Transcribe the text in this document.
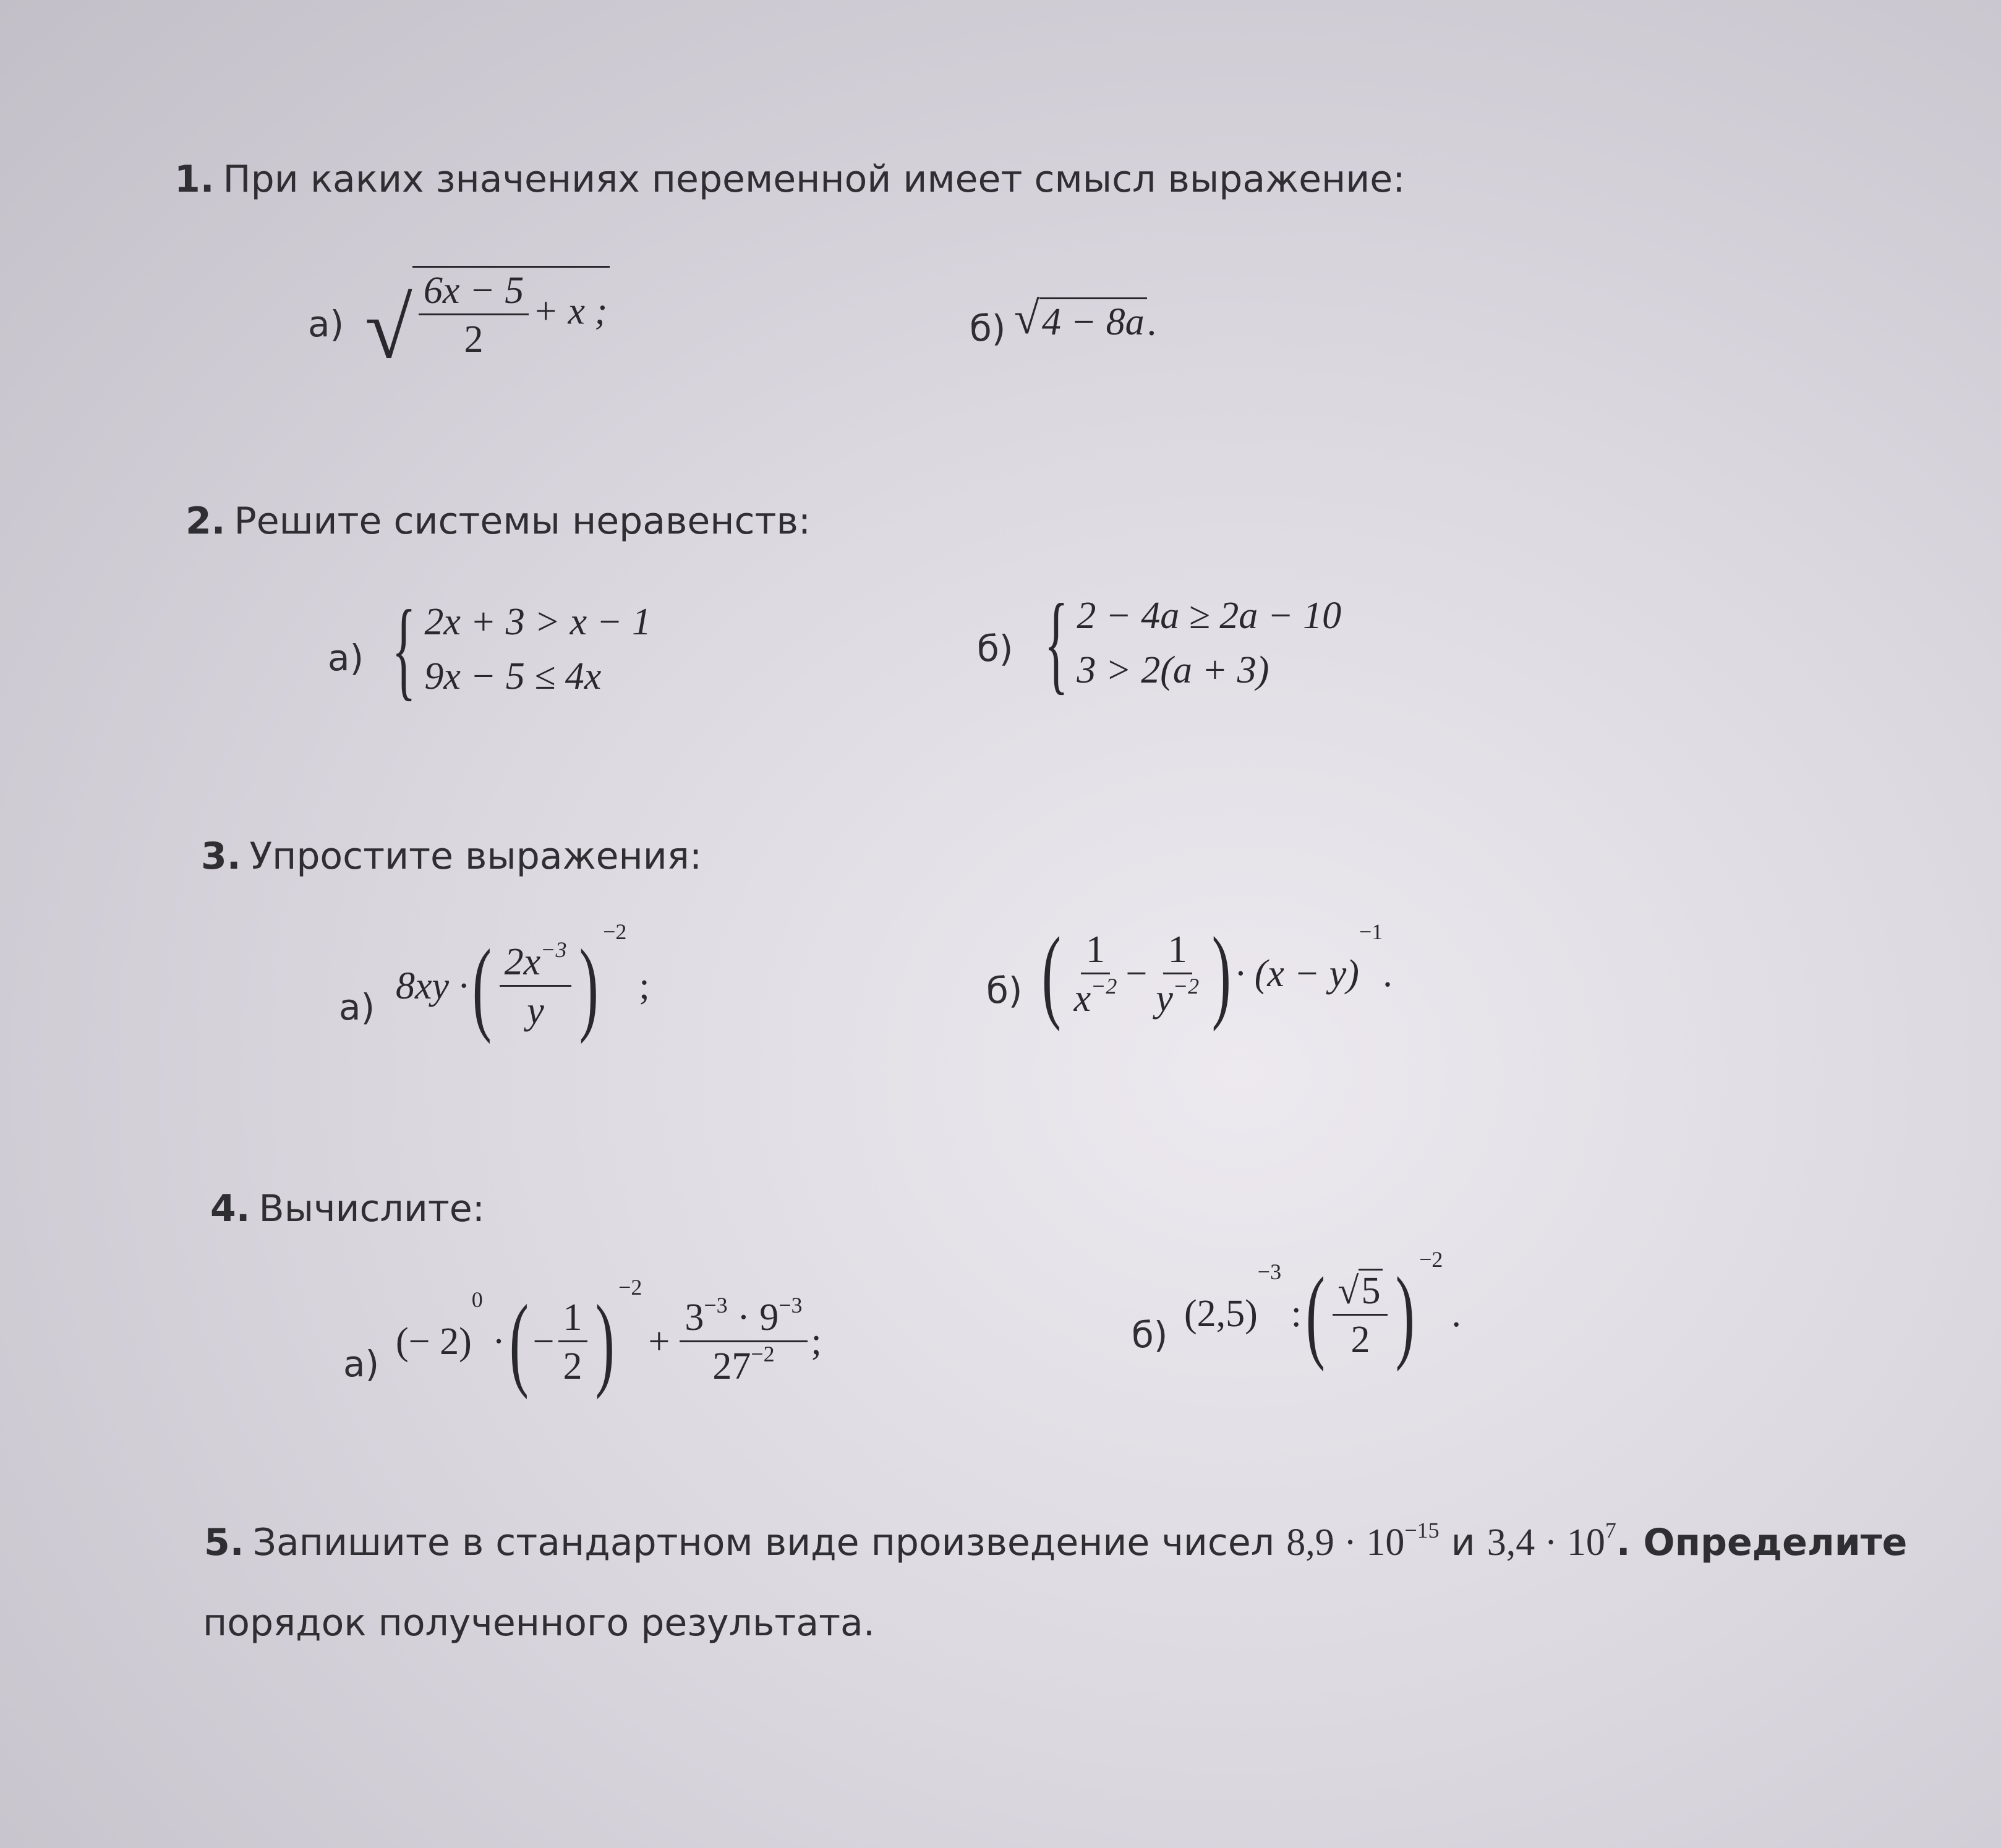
1. При каких значениях переменной имеет смысл выражение:
а) √ $\frac{6x - 5}{2} + x$ ;	б) √4 − 8a.
2. Решите системы неравенств:
а) { 2x + 3 > x − 1
9x − 5 ≤ 4x
б) { 2 − 4a ≥ 2a − 10
3 > 2(a + 3)
3. Упростите выражения:
а) 8xy ·( $\frac{2x^{-3}}{y}$ ) $^{-2}$;	б) ( $\frac{1}{x^{-2}} - \frac{1}{y^{-2}}$ ) · $(x - y)^{-1}$.
4. Вычислите:
а)
(− 2)$^0$ ·( − $\frac{1}{2}$ ) $^{-2}+ \frac{3^{-3} \cdot 9^{-3}}{27^{-2}}$ ;	б) $(2,5)^{-3}$ :( $\frac{√5}{2}$ ) $^{-2}$.
5. Запишите в стандартном виде произведение чисел $8,9 \cdot 10^{-15}$ и $3,4 \cdot 10^7$. Определите
порядок полученного результата.
